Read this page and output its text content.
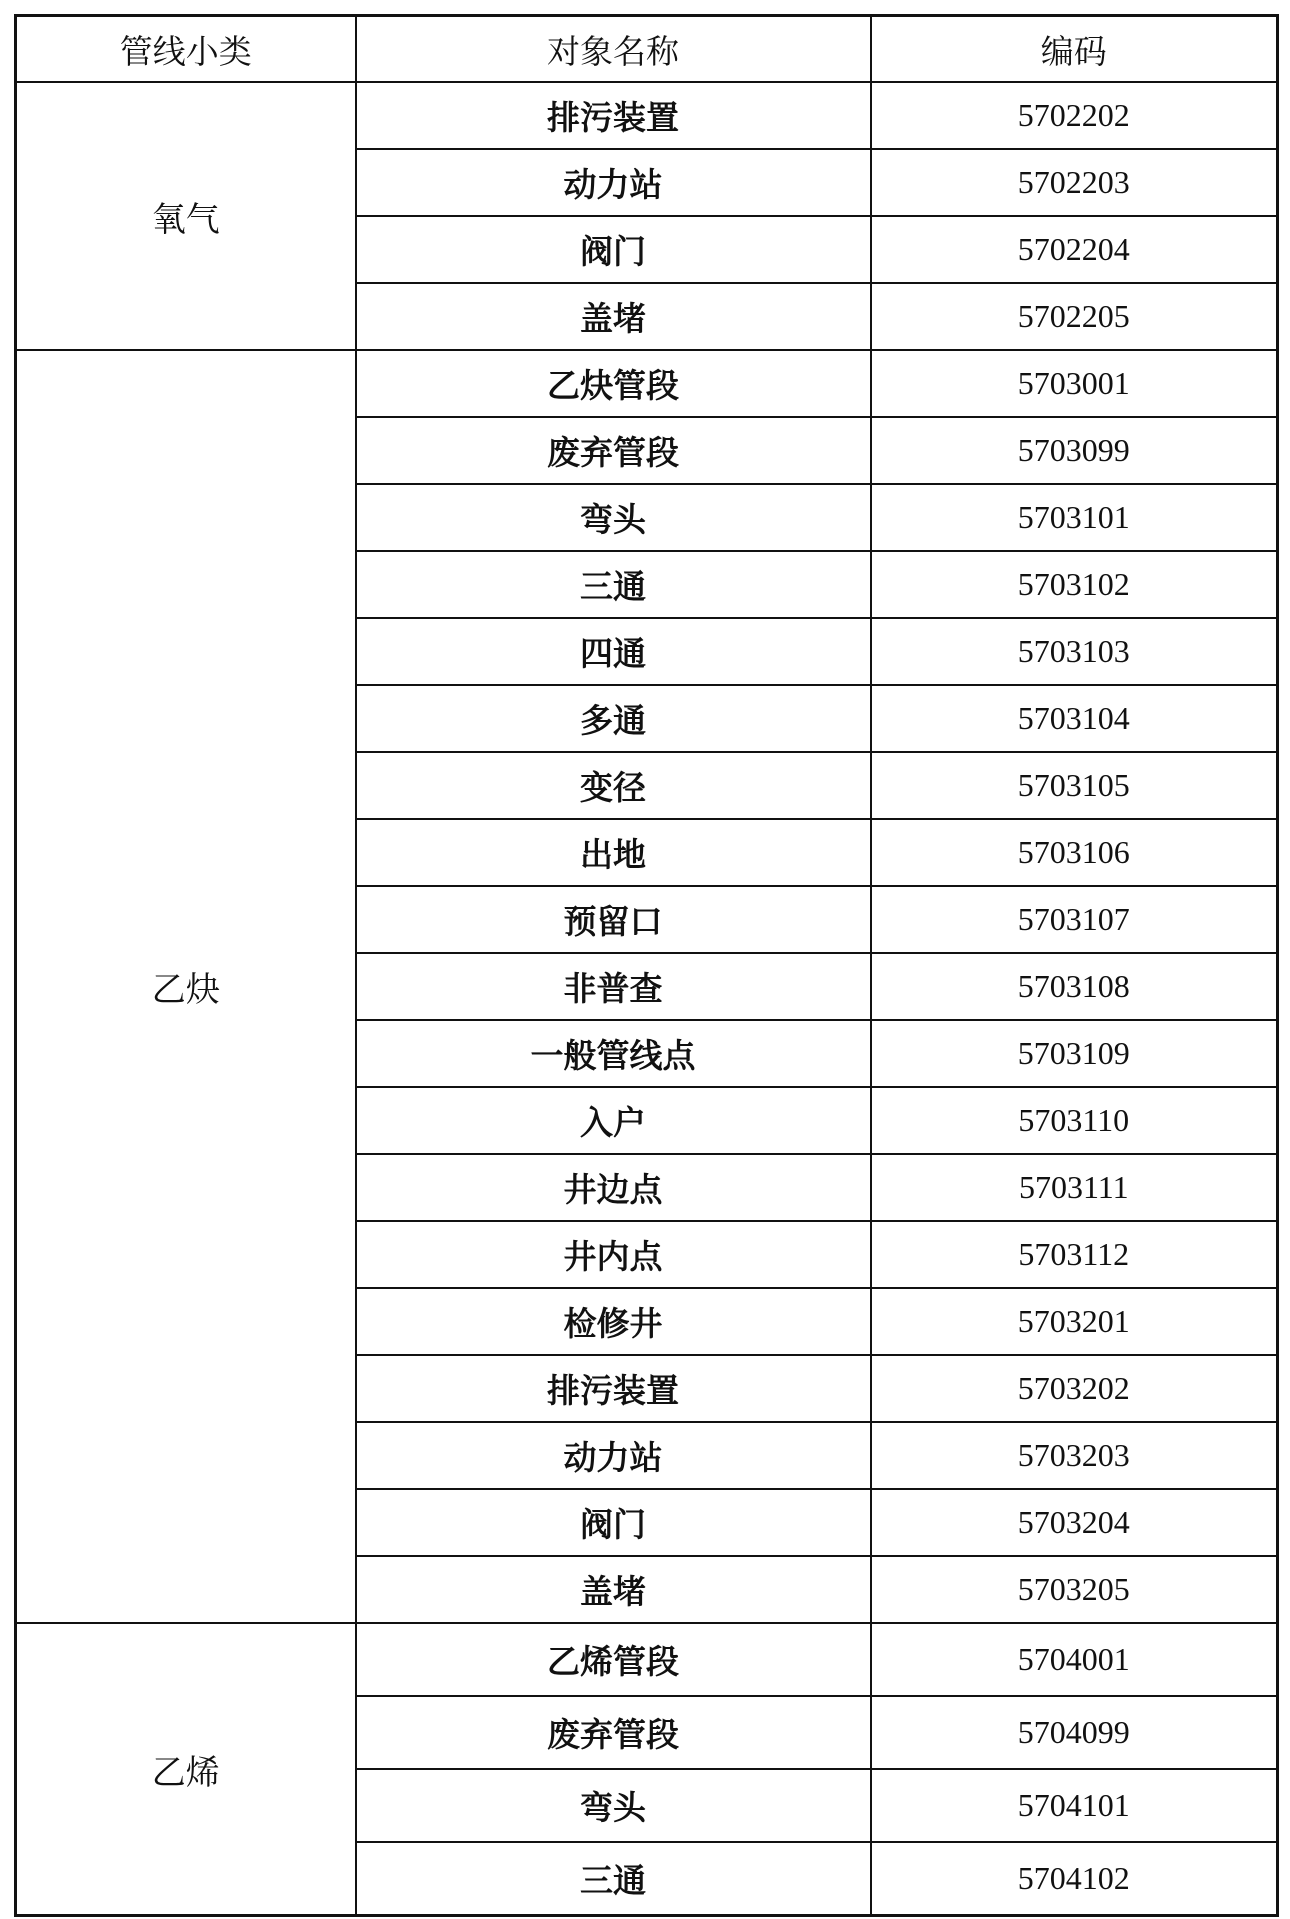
管线小类	对象名称	编码
氧气	排污装置	5702202
	动力站	5702203
	阀门	5702204
	盖堵	5702205
乙炔	乙炔管段	5703001
	废弃管段	5703099
	弯头	5703101
	三通	5703102
	四通	5703103
	多通	5703104
	变径	5703105
	出地	5703106
	预留口	5703107
	非普查	5703108
	一般管线点	5703109
	入户	5703110
	井边点	5703111
	井内点	5703112
	检修井	5703201
	排污装置	5703202
	动力站	5703203
	阀门	5703204
	盖堵	5703205
乙烯	乙烯管段	5704001
	废弃管段	5704099
	弯头	5704101
	三通	5704102
